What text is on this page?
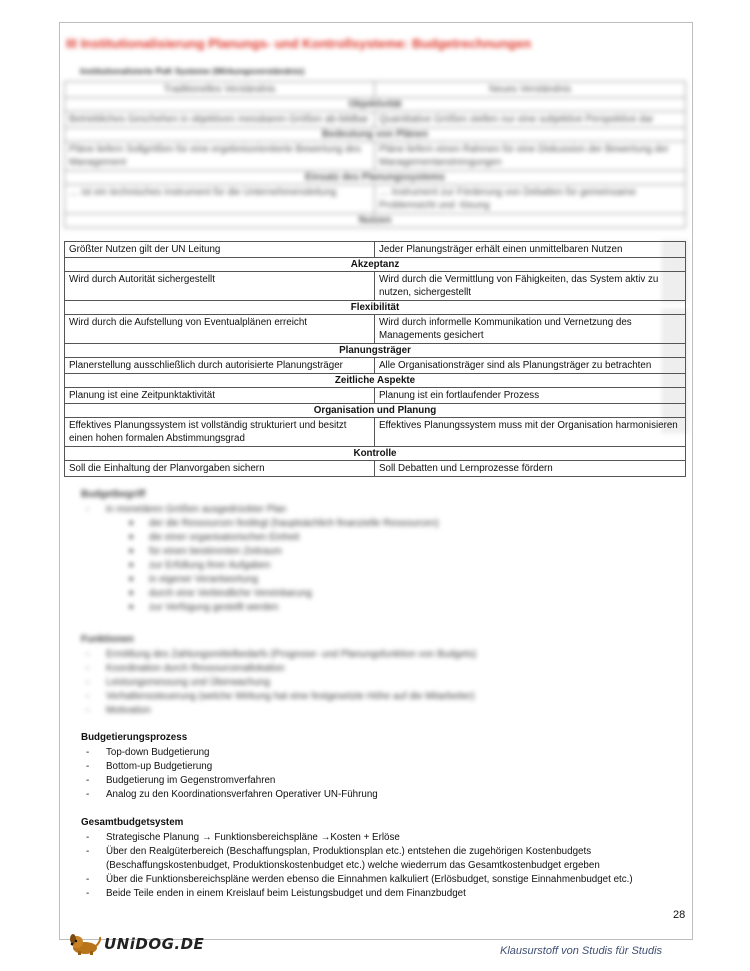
████ ████████
III Institutionalisierung Planungs- und Kontrollsysteme: Budgetrechnungen
Institutionalisierte PuK Systeme (Wirkungsverständnis)
Traditionelles Verständnis	Neues Verständnis
Objektivität	
Betriebliches Geschehen in objektiven messbaren Größen ab-bildbar	Quantitative Größen stellen nur eine subjektive Perspektive dar
Bedeutung von Plänen	
Pläne liefern Sollgrößen für eine ergebnisorientierte Bewertung des Management	Pläne liefern einen Rahmen für eine Diskussion der Bewertung der Managementanstrengungen
Einsatz des Planungssystems	
… ist ein technisches Instrument für die Unternehmensleitung	… Instrument zur Förderung von Debatten für gemeinsame Problemsicht und -lösung
Nutzen	
Größter Nutzen gilt der UN Leitung	Jeder Planungsträger erhält einen unmittelbaren Nutzen
Akzeptanz	
Wird durch Autorität sichergestellt	Wird durch die Vermittlung von Fähigkeiten, das System aktiv zu nutzen, sichergestellt
Flexibilität	
Wird durch die Aufstellung von Eventualplänen erreicht	Wird durch informelle Kommunikation und Vernetzung des Managements gesichert
Planungsträger	
Planerstellung ausschließlich durch autorisierte Planungsträger	Alle Organisationsträger sind als Planungsträger zu betrachten
Zeitliche Aspekte	
Planung ist eine Zeitpunktaktivität	Planung ist ein fortlaufender Prozess
Organisation und Planung	
Effektives Planungssystem ist vollständig strukturiert und besitzt einen hohen formalen Abstimmungsgrad	Effektives Planungssystem muss mit der Organisation harmonisieren
Kontrolle	
Soll die Einhaltung der Planvorgaben sichern	Soll Debatten und Lernprozesse fördern
Budgetbegriff
- in monetären Größen ausgedrückter Plan
■ der die Ressourcen festlegt (hauptsächlich finanzielle Ressourcen)
■ die einer organisatorischen Einheit
■ für einen bestimmten Zeitraum
■ zur Erfüllung ihrer Aufgaben
■ in eigener Verantwortung
■ durch eine Verbindliche Vereinbarung
■ zur Verfügung gestellt werden
Funktionen
- Ermittlung des Zahlungsmittelbedarfs (Prognose- und Planungsfunktion von Budgets)
- Koordination durch Ressourcenallokation
- Leistungsmessung und Überwachung
- Verhaltenssteuerung (welche Wirkung hat eine festgesetzte Höhe auf die Mitarbeiter)
- Motivation
Budgetierungsprozess
- Top-down Budgetierung
- Bottom-up Budgetierung
- Budgetierung im Gegenstromverfahren
- Analog zu den Koordinationsverfahren Operativer UN-Führung
Gesamtbudgetsystem
- Strategische Planung → Funktionsbereichspläne →Kosten + Erlöse
- Über den Realgüterbereich (Beschaffungsplan, Produktionsplan etc.) entstehen die zugehörigen Kostenbudgets (Beschaffungskostenbudget, Produktionskostenbudget etc.) welche wiederrum das Gesamtkostenbudget ergeben
- Über die Funktionsbereichspläne werden ebenso die Einnahmen kalkuliert (Erlösbudget, sonstige Einnahmenbudget etc.)
- Beide Teile enden in einem Kreislauf beim Leistungsbudget und dem Finanzbudget
28
UNiDOG.DE	Klausurstoff von Studis für Studis
